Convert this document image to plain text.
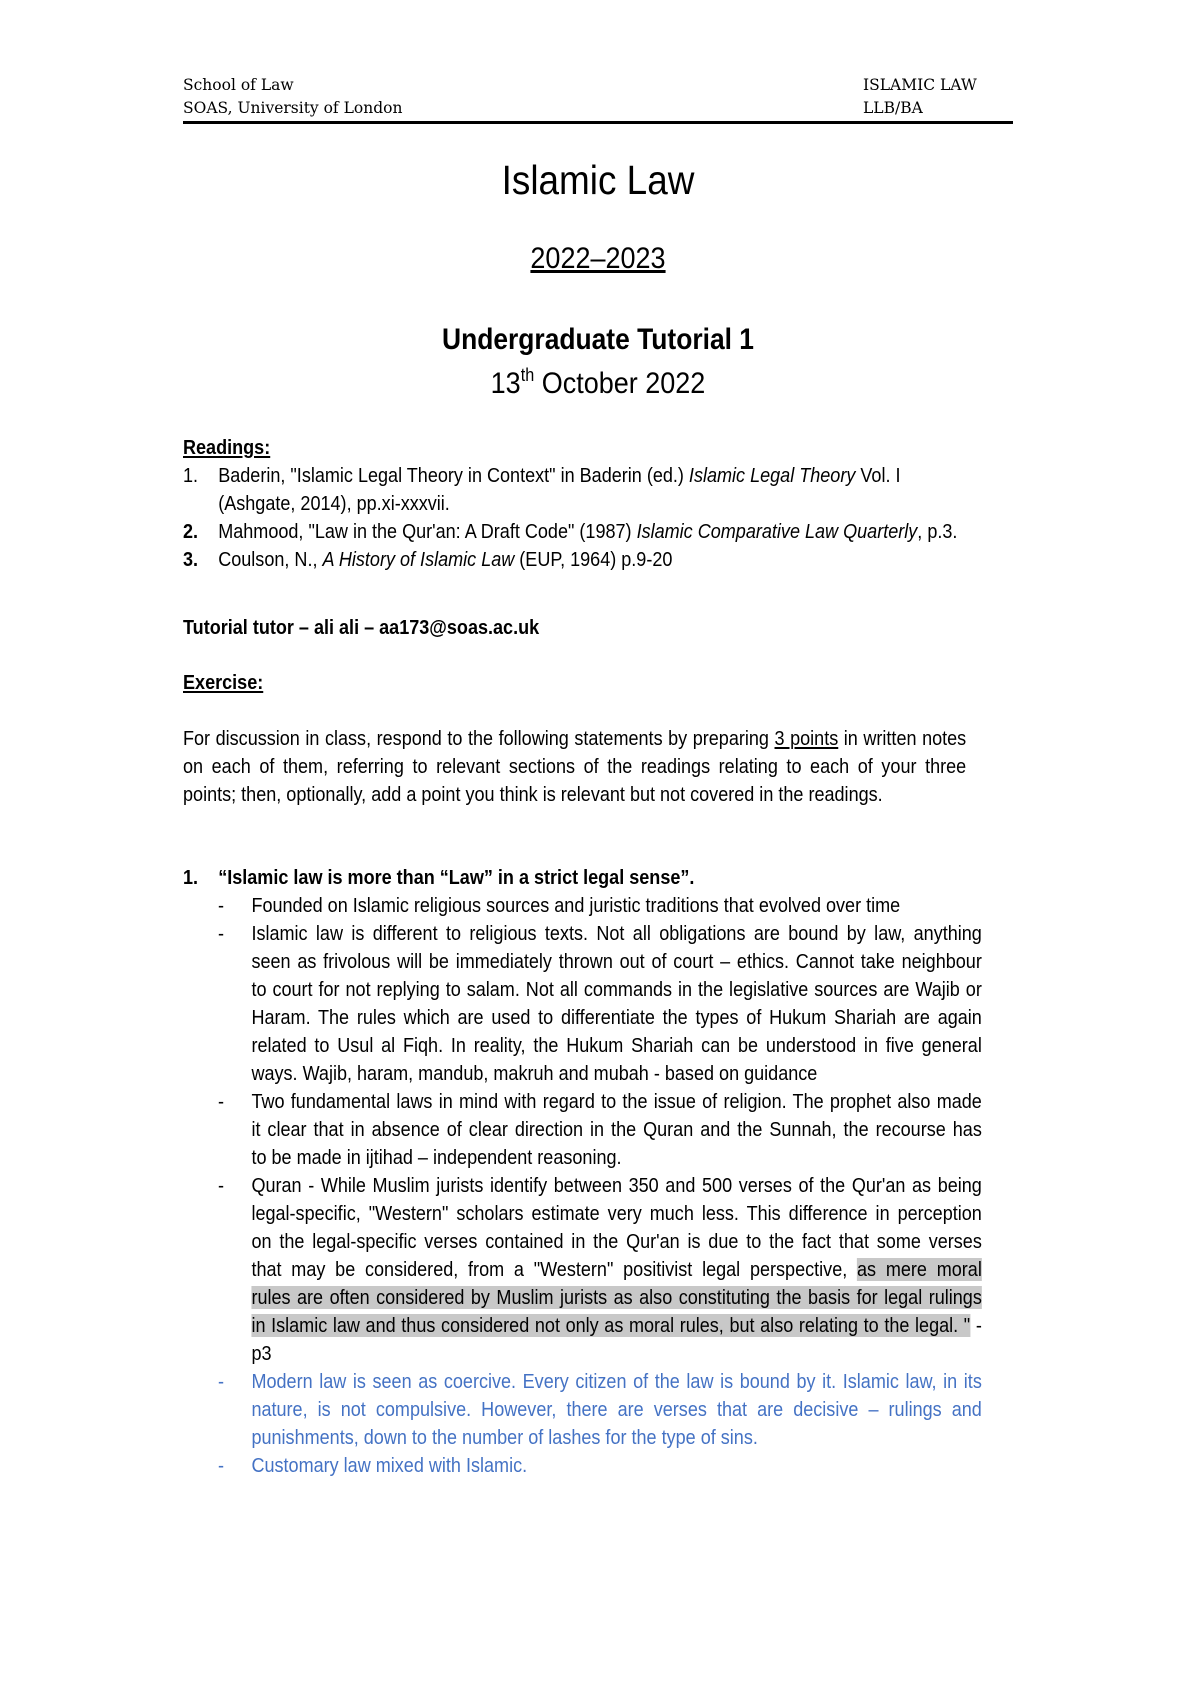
School of Law	ISLAMIC LAW
SOAS, University of London	LLB/BA
Islamic Law
2022–2023
Undergraduate Tutorial 1
13th October 2022
Readings:
1. Baderin, "Islamic Legal Theory in Context" in Baderin (ed.) Islamic Legal Theory Vol. I
(Ashgate, 2014), pp.xi-xxxvii.
2. Mahmood, "Law in the Qur'an: A Draft Code" (1987) Islamic Comparative Law Quarterly, p.3.
3. Coulson, N., A History of Islamic Law (EUP, 1964) p.9-20
Tutorial tutor – ali ali – aa173@soas.ac.uk
Exercise:
For discussion in class, respond to the following statements by preparing 3 points in written notes
on each of them, referring to relevant sections of the readings relating to each of your three
points; then, optionally, add a point you think is relevant but not covered in the readings.
1. “Islamic law is more than “Law” in a strict legal sense”.
- Founded on Islamic religious sources and juristic traditions that evolved over time
- Islamic law is different to religious texts. Not all obligations are bound by law, anything
seen as frivolous will be immediately thrown out of court – ethics. Cannot take neighbour
to court for not replying to salam. Not all commands in the legislative sources are Wajib or
Haram. The rules which are used to differentiate the types of Hukum Shariah are again
related to Usul al Fiqh. In reality, the Hukum Shariah can be understood in five general
ways. Wajib, haram, mandub, makruh and mubah - based on guidance
- Two fundamental laws in mind with regard to the issue of religion. The prophet also made
it clear that in absence of clear direction in the Quran and the Sunnah, the recourse has
to be made in ijtihad – independent reasoning.
- Quran - While Muslim jurists identify between 350 and 500 verses of the Qur'an as being
legal-specific, "Western" scholars estimate very much less. This difference in perception
on the legal-specific verses contained in the Qur'an is due to the fact that some verses
that may be considered, from a "Western" positivist legal perspective, as mere moral
rules are often considered by Muslim jurists as also constituting the basis for legal rulings
in Islamic law and thus considered not only as moral rules, but also relating to the legal. " -
p3
- Modern law is seen as coercive. Every citizen of the law is bound by it. Islamic law, in its
nature, is not compulsive. However, there are verses that are decisive – rulings and
punishments, down to the number of lashes for the type of sins.
- Customary law mixed with Islamic.
